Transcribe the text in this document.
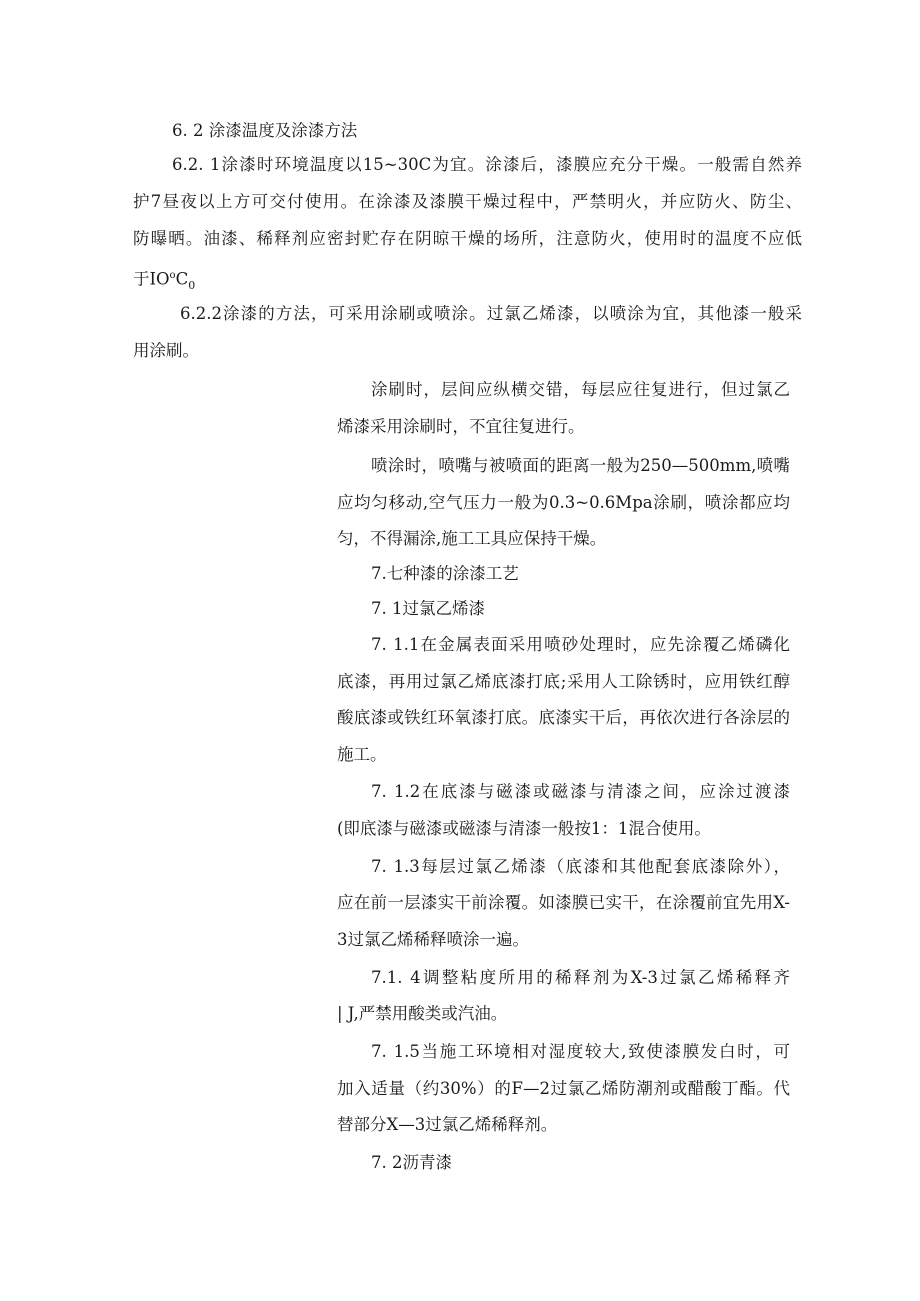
6. 2 涂漆温度及涂漆方法
6.2. 1涂漆时环境温度以15~30C为宜。涂漆后，漆膜应充分干燥。一般需自然养
护7昼夜以上方可交付使用。在涂漆及漆膜干燥过程中，严禁明火，并应防火、防尘、
防曝晒。油漆、稀释剂应密封贮存在阴晾干燥的场所，注意防火，使用时的温度不应低
于$IO^oC_0$
6.2.2涂漆的方法，可采用涂刷或喷涂。过氯乙烯漆，以喷涂为宜，其他漆一般采
用涂刷。
涂刷时，层间应纵横交错，每层应往复进行，但过氯乙
烯漆采用涂刷时，不宜往复进行。
喷涂时，喷嘴与被喷面的距离一般为250—500mm,喷嘴
应均匀移动,空气压力一般为0.3~0.6Mpa涂刷，喷涂都应均
匀，不得漏涂,施工工具应保持干燥。
7.七种漆的涂漆工艺
7. 1过氯乙烯漆
7. 1.1在金属表面采用喷砂处理时，应先涂覆乙烯磷化
底漆，再用过氯乙烯底漆打底;采用人工除锈时，应用铁红醇
酸底漆或铁红环氧漆打底。底漆实干后，再依次进行各涂层的
施工。
7. 1.2在底漆与磁漆或磁漆与清漆之间，应涂过渡漆
(即底漆与磁漆或磁漆与清漆一般按1：1混合使用。
7. 1.3每层过氯乙烯漆（底漆和其他配套底漆除外），
应在前一层漆实干前涂覆。如漆膜已实干，在涂覆前宜先用X-
3过氯乙烯稀释喷涂一遍。
7.1. 4调整粘度所用的稀释剂为X-3过氯乙烯稀释齐
| J,严禁用酸类或汽油。
7. 1.5当施工环境相对湿度较大,致使漆膜发白时，可
加入适量（约30%）的F—2过氯乙烯防潮剂或醋酸丁酯。代
替部分X—3过氯乙烯稀释剂。
7. 2沥青漆
